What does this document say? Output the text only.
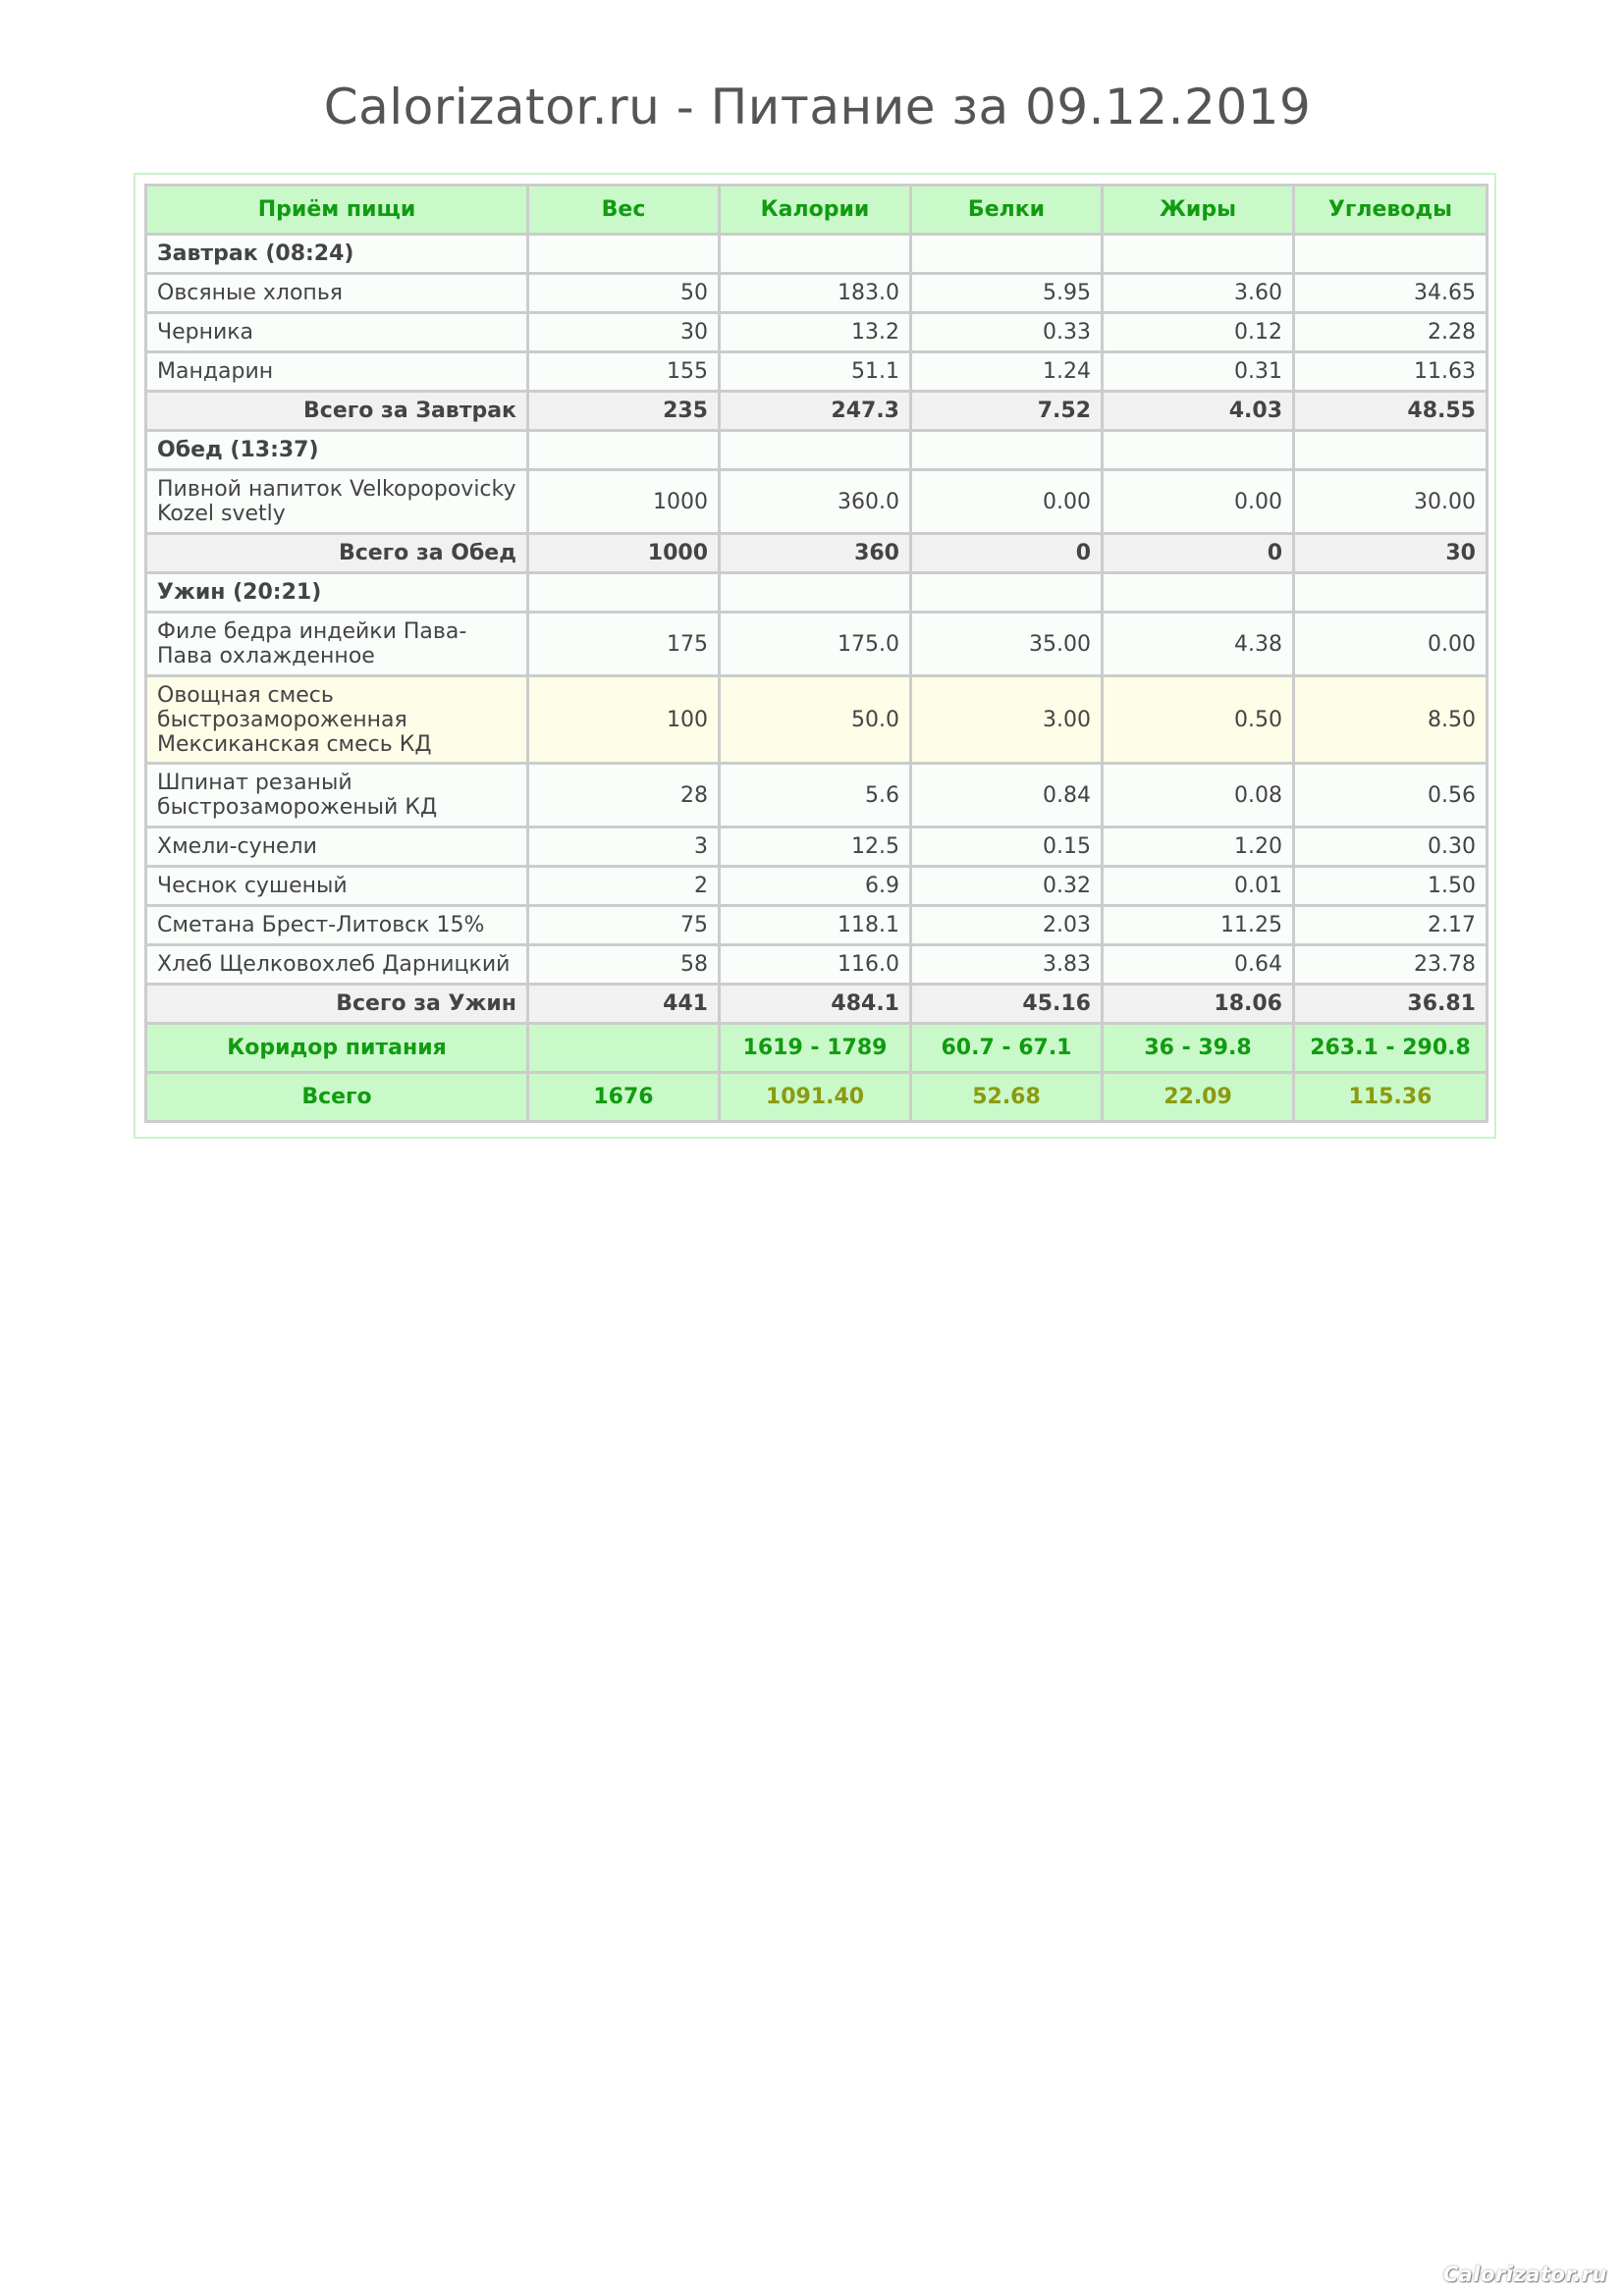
Calorizator.ru - Питание за 09.12.2019
Приём пищи	Вес	Калории	Белки	Жиры	Углеводы
Завтрак (08:24)					
Овсяные хлопья	50	183.0	5.95	3.60	34.65
Черника	30	13.2	0.33	0.12	2.28
Мандарин	155	51.1	1.24	0.31	11.63
Всего за Завтрак	235	247.3	7.52	4.03	48.55
Обед (13:37)					
Пивной напиток Velkopopovicky Kozel svetly	1000	360.0	0.00	0.00	30.00
Всего за Обед	1000	360	0	0	30
Ужин (20:21)					
Филе бедра индейки Пава-Пава охлажденное	175	175.0	35.00	4.38	0.00
Овощная смесь быстрозамороженная Мексиканская смесь КД	100	50.0	3.00	0.50	8.50
Шпинат резаный быстрозамороженый КД	28	5.6	0.84	0.08	0.56
Хмели-сунели	3	12.5	0.15	1.20	0.30
Чеснок сушеный	2	6.9	0.32	0.01	1.50
Сметана Брест-Литовск 15%	75	118.1	2.03	11.25	2.17
Хлеб Щелковохлеб Дарницкий	58	116.0	3.83	0.64	23.78
Всего за Ужин	441	484.1	45.16	18.06	36.81
Коридор питания		1619 - 1789	60.7 - 67.1	36 - 39.8	263.1 - 290.8
Всего	1676	1091.40	52.68	22.09	115.36
Calorizator.ru
